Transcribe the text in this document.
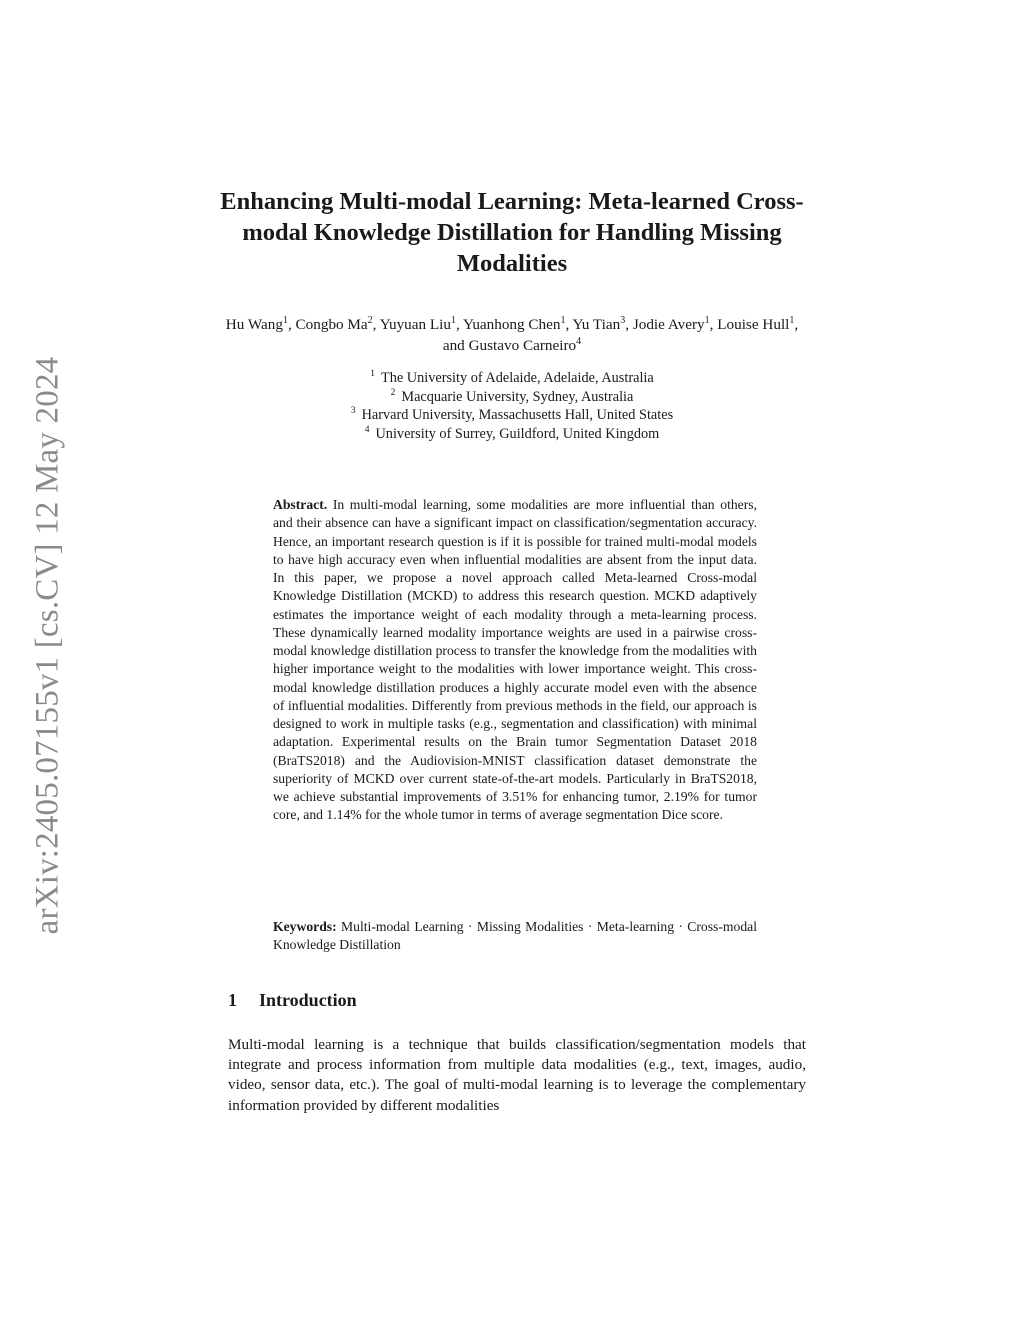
arXiv:2405.07155v1 [cs.CV] 12 May 2024
Enhancing Multi-modal Learning: Meta-learned Cross-modal Knowledge Distillation for Handling Missing Modalities
Hu Wang$^1$, Congbo Ma$^2$, Yuyuan Liu$^1$, Yuanhong Chen$^1$, Yu Tian$^3$, Jodie Avery$^1$, Louise Hull$^1$, and Gustavo Carneiro$^4$
$^1$ The University of Adelaide, Adelaide, Australia
$^2$ Macquarie University, Sydney, Australia
$^3$ Harvard University, Massachusetts Hall, United States
$^4$ University of Surrey, Guildford, United Kingdom
Abstract. In multi-modal learning, some modalities are more influential than others, and their absence can have a significant impact on classification/segmentation accuracy. Hence, an important research question is if it is possible for trained multi-modal models to have high accuracy even when influential modalities are absent from the input data. In this paper, we propose a novel approach called Meta-learned Cross-modal Knowledge Distillation (MCKD) to address this research question. MCKD adaptively estimates the importance weight of each modality through a meta-learning process. These dynamically learned modality importance weights are used in a pairwise cross-modal knowledge distillation process to transfer the knowledge from the modalities with higher importance weight to the modalities with lower importance weight. This cross-modal knowledge distillation produces a highly accurate model even with the absence of influential modalities. Differently from previous methods in the field, our approach is designed to work in multiple tasks (e.g., segmentation and classification) with minimal adaptation. Experimental results on the Brain tumor Segmentation Dataset 2018 (BraTS2018) and the Audiovision-MNIST classification dataset demonstrate the superiority of MCKD over current state-of-the-art models. Particularly in BraTS2018, we achieve substantial improvements of 3.51% for enhancing tumor, 2.19% for tumor core, and 1.14% for the whole tumor in terms of average segmentation Dice score.
Keywords: Multi-modal Learning · Missing Modalities · Meta-learning · Cross-modal Knowledge Distillation
1 Introduction
Multi-modal learning is a technique that builds classification/segmentation models that integrate and process information from multiple data modalities (e.g., text, images, audio, video, sensor data, etc.). The goal of multi-modal learning is to leverage the complementary information provided by different modalities
